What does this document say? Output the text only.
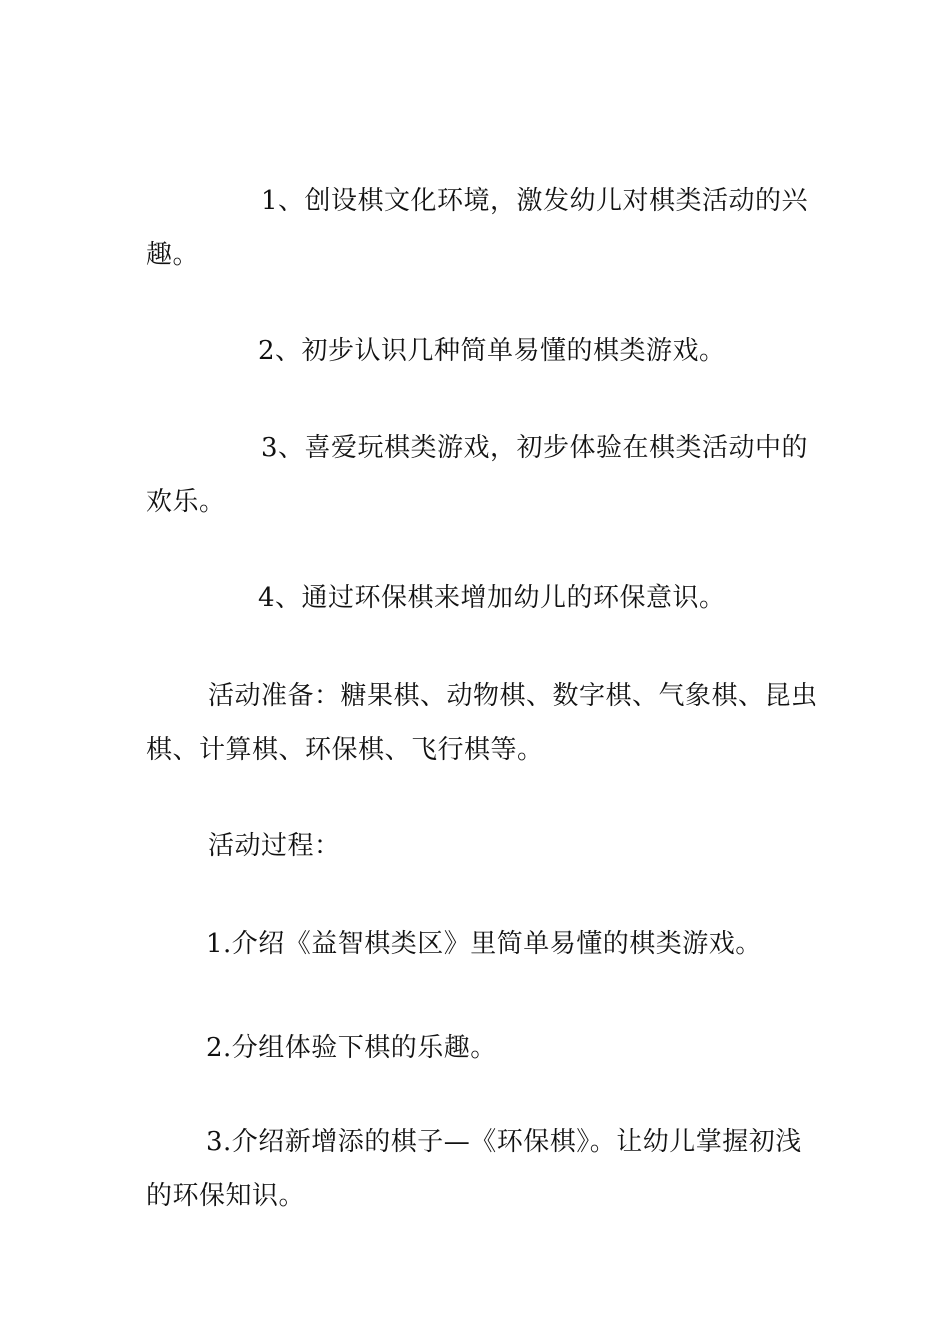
1、创设棋文化环境，激发幼儿对棋类活动的兴
趣。

2、初步认识几种简单易懂的棋类游戏。

3、喜爱玩棋类游戏，初步体验在棋类活动中的
欢乐。

4、通过环保棋来增加幼儿的环保意识。

活动准备：糖果棋、动物棋、数字棋、气象棋、昆虫
棋、计算棋、环保棋、飞行棋等。

活动过程：

1.介绍《益智棋类区》里简单易懂的棋类游戏。

2.分组体验下棋的乐趣。

3.介绍新增添的棋子—《环保棋》。让幼儿掌握初浅
的环保知识。
